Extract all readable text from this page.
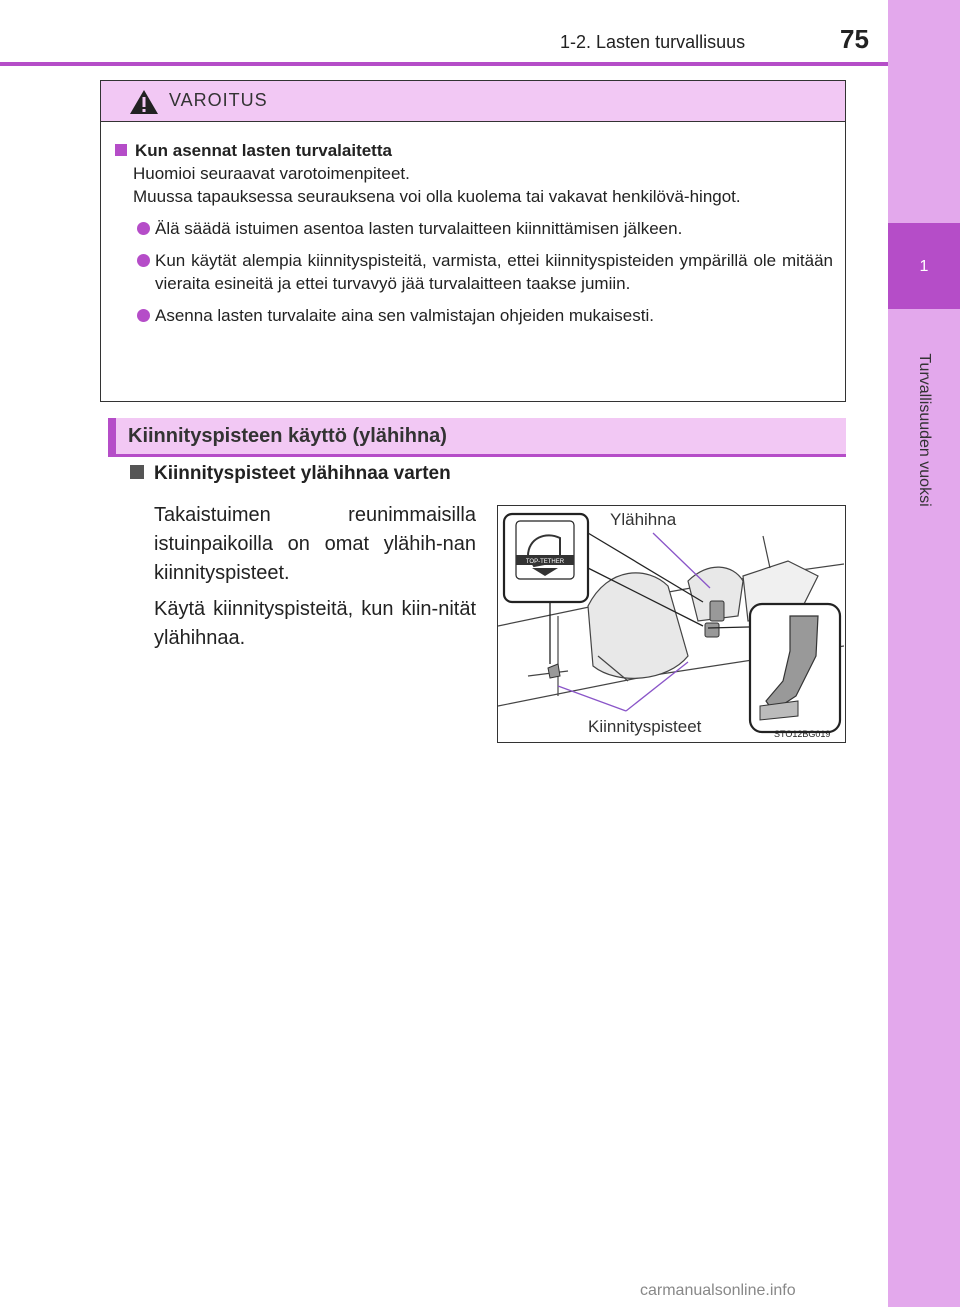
1
Turvallisuuden vuoksi
1-2. Lasten turvallisuus	75
VAROITUS
Kun asennat lasten turvalaitetta
Huomioi seuraavat varotoimenpiteet.
Muussa tapauksessa seurauksena voi olla kuolema tai vakavat henkilövä-hingot.
Älä säädä istuimen asentoa lasten turvalaitteen kiinnittämisen jälkeen.
Kun käytät alempia kiinnityspisteitä, varmista, ettei kiinnityspisteiden ympärillä ole mitään vieraita esineitä ja ettei turvavyö jää turvalaitteen taakse jumiin.
Asenna lasten turvalaite aina sen valmistajan ohjeiden mukaisesti.
Kiinnityspisteen käyttö (ylähihna)
Kiinnityspisteet ylähihnaa varten
Takaistuimen reunimmaisilla istuinpaikoilla on omat ylähih-nan kiinnityspisteet.
Käytä kiinnityspisteitä, kun kiin-nität ylähihnaa.
TOP-TETHER
Ylähihna
Kiinnityspisteet	STO12BG019
carmanualsonline.info
